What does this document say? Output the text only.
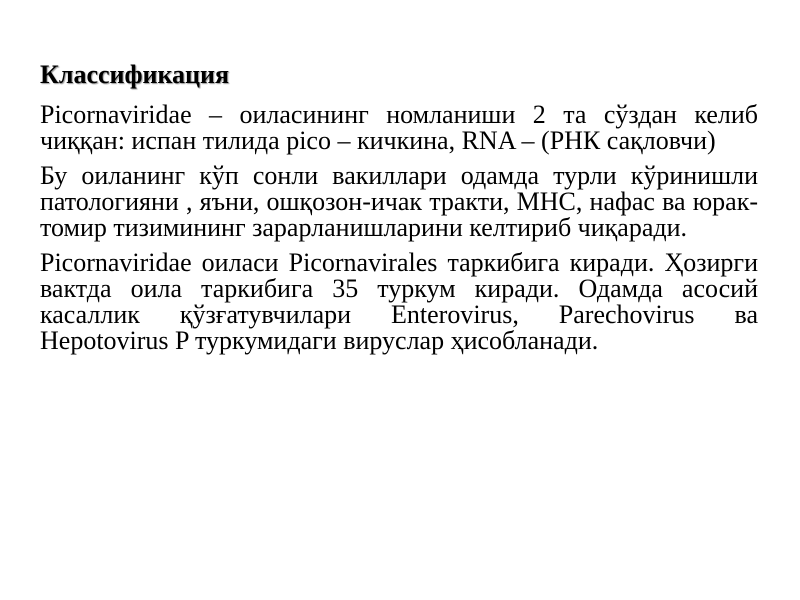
Классификация

Picornaviridae – оиласининг номланиши 2 та сўздан келиб чиққан: испан тилида pico – кичкина, RNA – (РНК сақловчи)

Бу оиланинг кўп сонли вакиллари одамда турли кўринишли патологияни , яъни, ошқозон-ичак тракти, МНС, нафас ва юрак-томир тизимининг зарарланишларини келтириб чиқаради.

Picornaviridae оиласи Picornavirales таркибига киради. Ҳозирги вактда оила таркибига 35 туркум киради. Одамда асосий касаллик қўзғатувчилари Enterovirus, Parechovirus ва Hepotovirus P туркумидаги вируслар ҳисобланади.
